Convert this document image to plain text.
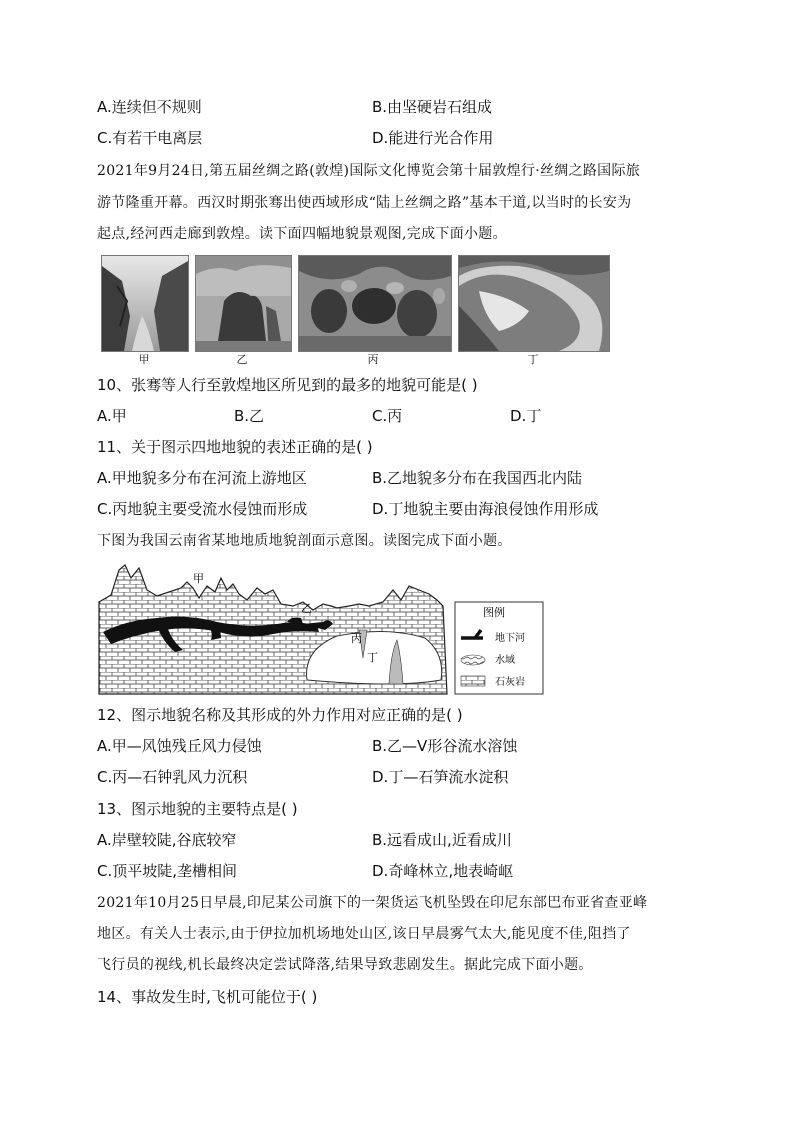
A.连续但不规则	B.由坚硬岩石组成
C.有若干电离层	D.能进行光合作用
2021年9月24日,第五届丝绸之路(敦煌)国际文化博览会第十届敦煌行·丝绸之路国际旅
游节隆重开幕。西汉时期张骞出使西域形成“陆上丝绸之路”基本干道,以当时的长安为
起点,经河西走廊到敦煌。读下面四幅地貌景观图,完成下面小题。
甲	乙	丙	丁
10、张骞等人行至敦煌地区所见到的最多的地貌可能是( )
A.甲	B.乙	C.丙	D.丁
11、关于图示四地地貌的表述正确的是( )
A.甲地貌多分布在河流上游地区	B.乙地貌多分布在我国西北内陆
C.丙地貌主要受流水侵蚀而形成	D.丁地貌主要由海浪侵蚀作用形成
下图为我国云南省某地地质地貌剖面示意图。读图完成下面小题。
甲
乙
丙
丁
图例
地下河
水域
石灰岩
12、图示地貌名称及其形成的外力作用对应正确的是( )
A.甲—风蚀残丘风力侵蚀	B.乙—V形谷流水溶蚀
C.丙—石钟乳风力沉积	D.丁—石笋流水淀积
13、图示地貌的主要特点是( )
A.岸壁较陡,谷底较窄	B.远看成山,近看成川
C.顶平坡陡,垄槽相间	D.奇峰林立,地表崎岖
2021年10月25日早晨,印尼某公司旗下的一架货运飞机坠毁在印尼东部巴布亚省查亚峰
地区。有关人士表示,由于伊拉加机场地处山区,该日早晨雾气太大,能见度不佳,阻挡了
飞行员的视线,机长最终决定尝试降落,结果导致悲剧发生。据此完成下面小题。
14、事故发生时,飞机可能位于( )
